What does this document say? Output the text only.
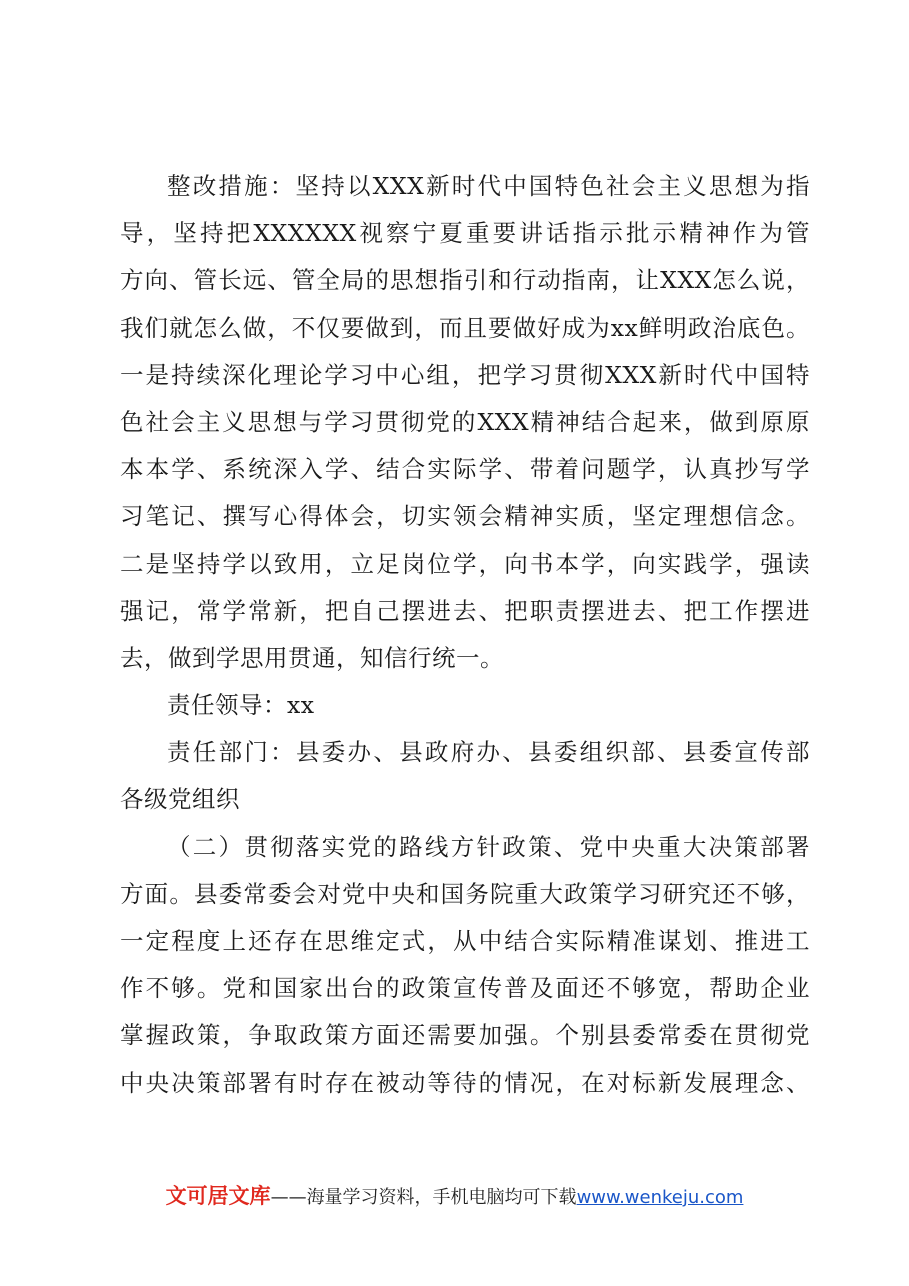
整改措施：坚持以XXX新时代中国特色社会主义思想为指
导，坚持把XXXXXX视察宁夏重要讲话指示批示精神作为管
方向、管长远、管全局的思想指引和行动指南，让XXX怎么说，
我们就怎么做，不仅要做到，而且要做好成为xx鲜明政治底色。
一是持续深化理论学习中心组，把学习贯彻XXX新时代中国特
色社会主义思想与学习贯彻党的XXX精神结合起来，做到原原
本本学、系统深入学、结合实际学、带着问题学，认真抄写学
习笔记、撰写心得体会，切实领会精神实质，坚定理想信念。
二是坚持学以致用，立足岗位学，向书本学，向实践学，强读
强记，常学常新，把自己摆进去、把职责摆进去、把工作摆进
去，做到学思用贯通，知信行统一。
责任领导：xx
责任部门：县委办、县政府办、县委组织部、县委宣传部
各级党组织
（二）贯彻落实党的路线方针政策、党中央重大决策部署
方面。县委常委会对党中央和国务院重大政策学习研究还不够，
一定程度上还存在思维定式，从中结合实际精准谋划、推进工
作不够。党和国家出台的政策宣传普及面还不够宽，帮助企业
掌握政策，争取政策方面还需要加强。个别县委常委在贯彻党
中央决策部署有时存在被动等待的情况，在对标新发展理念、
文可居文库——海量学习资料，手机电脑均可下载www.wenkeju.com
